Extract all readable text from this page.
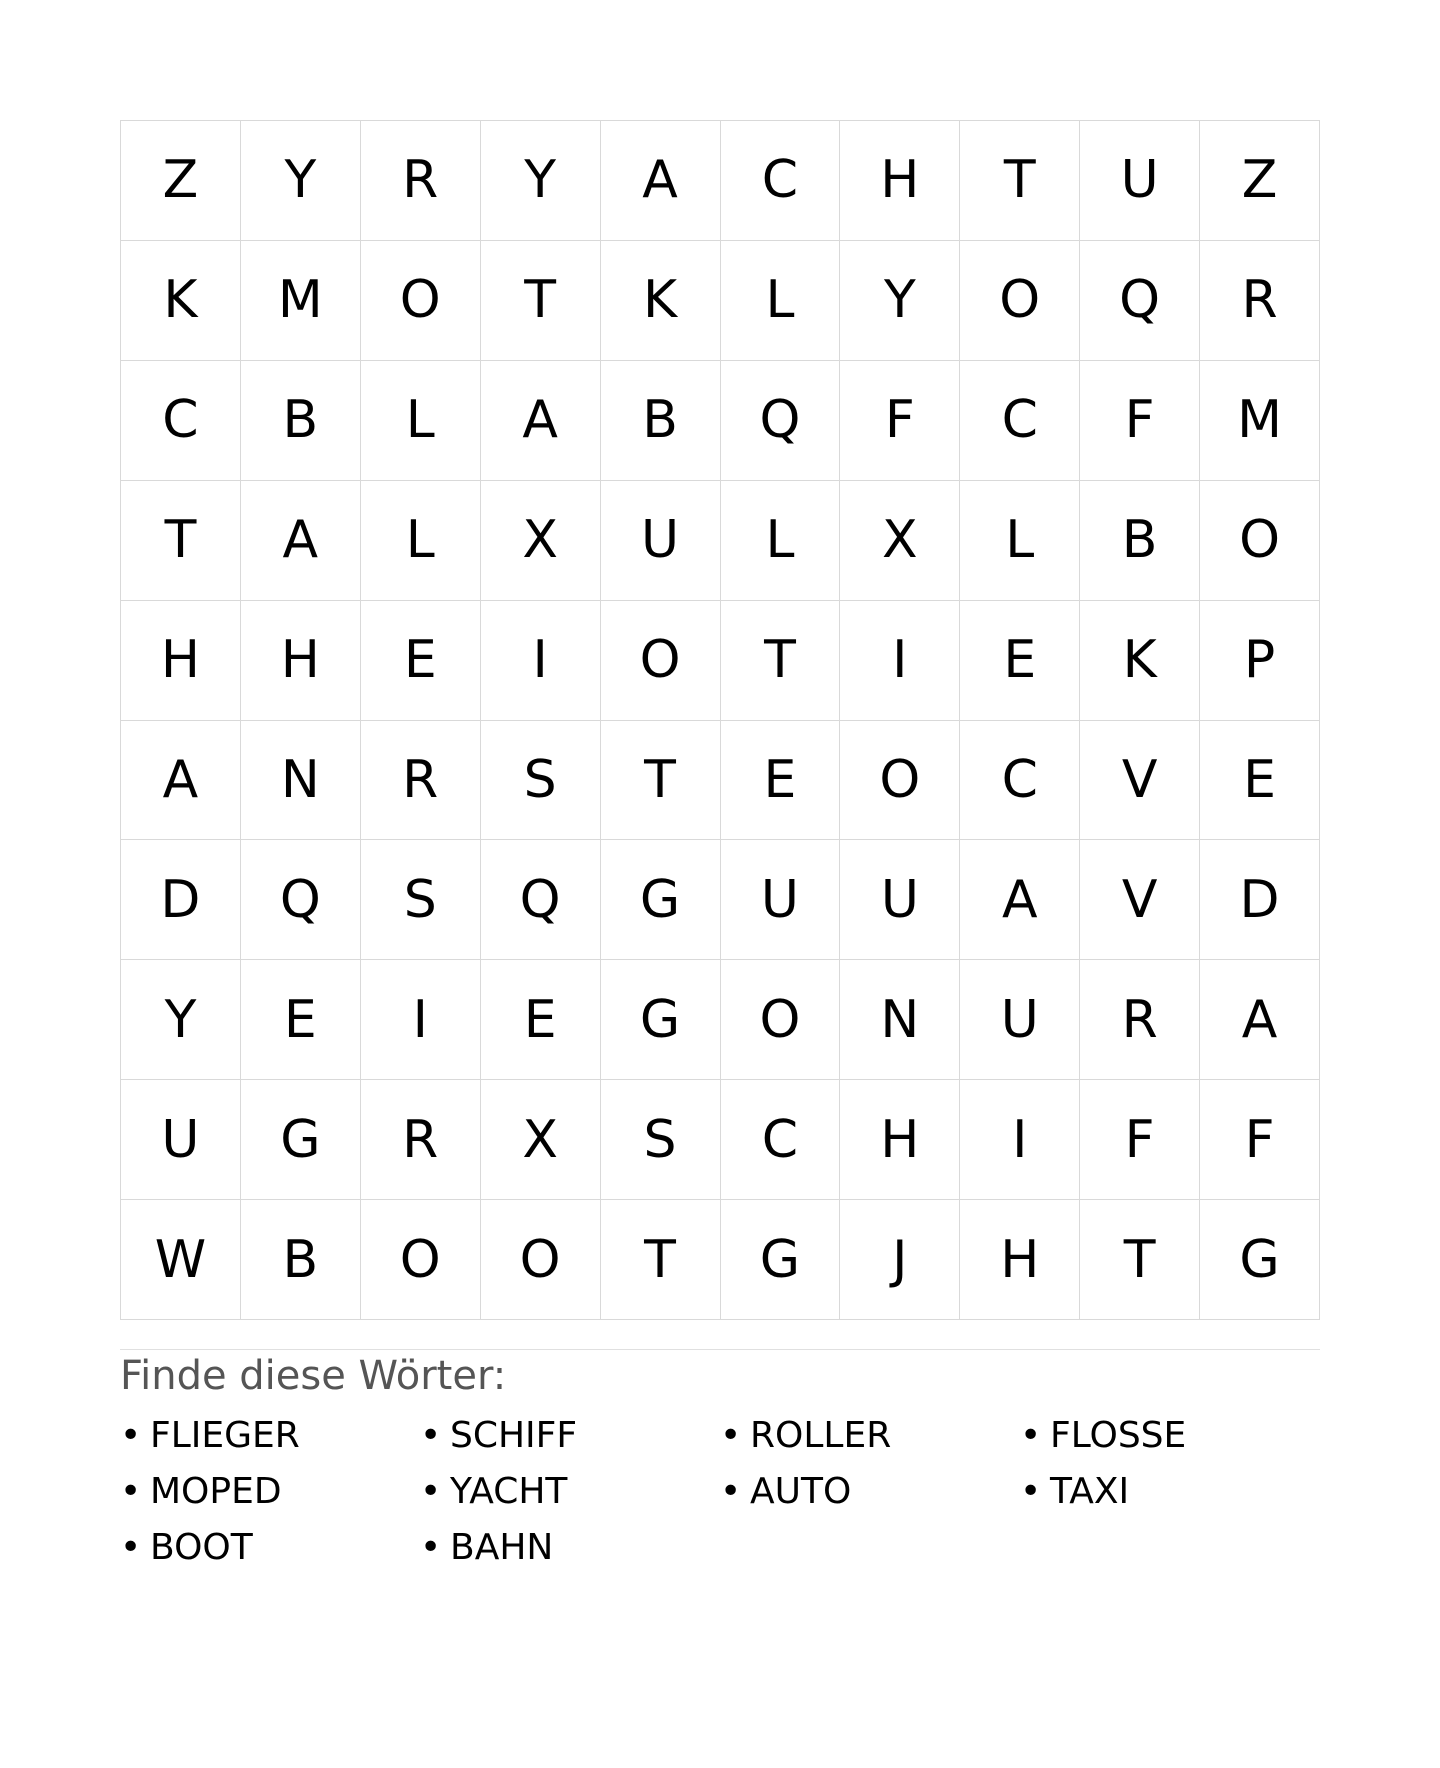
Z	Y	R	Y	A	C	H	T	U	Z
K	M	O	T	K	L	Y	O	Q	R
C	B	L	A	B	Q	F	C	F	M
T	A	L	X	U	L	X	L	B	O
H	H	E	I	O	T	I	E	K	P
A	N	R	S	T	E	O	C	V	E
D	Q	S	Q	G	U	U	A	V	D
Y	E	I	E	G	O	N	U	R	A
U	G	R	X	S	C	H	I	F	F
W	B	O	O	T	G	J	H	T	G
Finde diese Wörter:
• FLIEGER	• SCHIFF	• ROLLER	• FLOSSE
• MOPED	• YACHT	• AUTO	• TAXI
• BOOT	• BAHN
